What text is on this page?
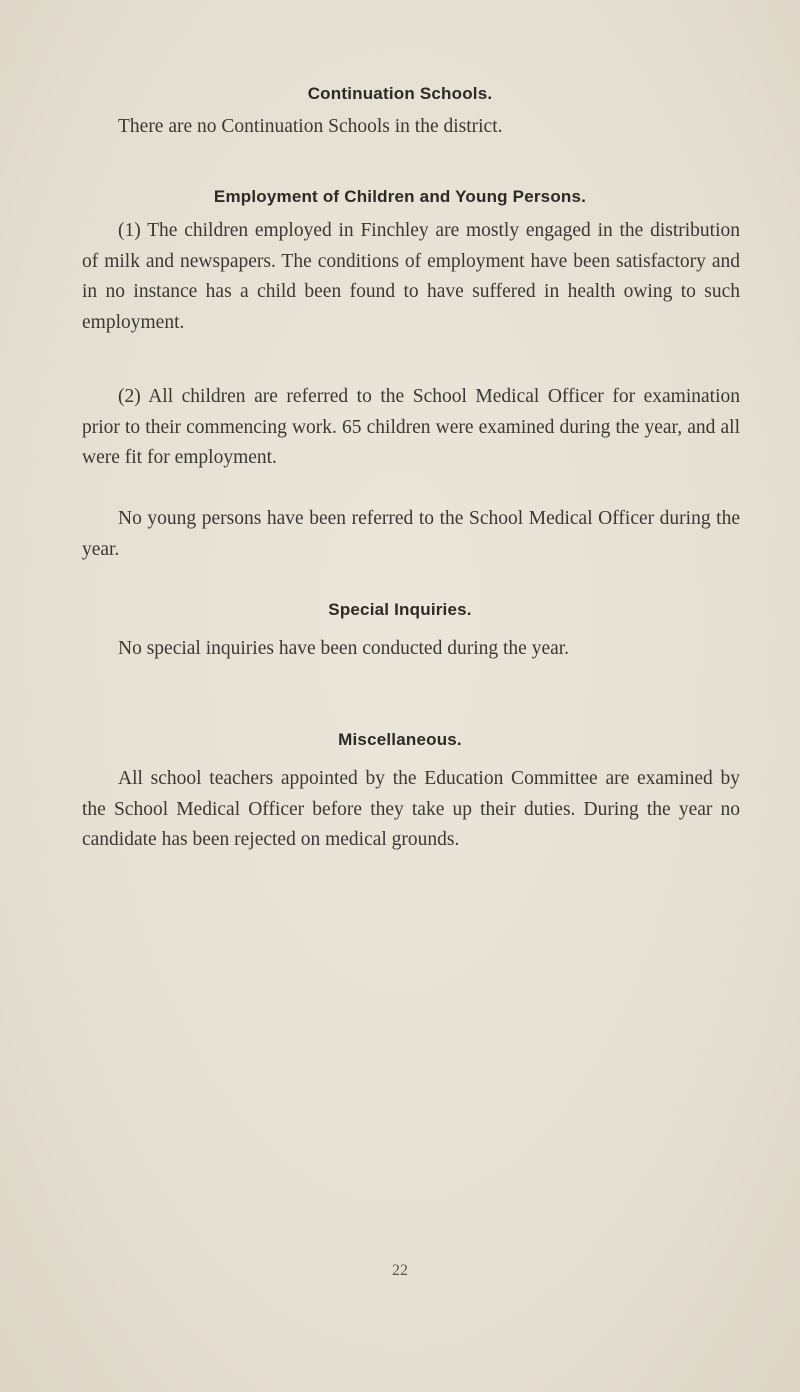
Continuation Schools.
There are no Continuation Schools in the district.
Employment of Children and Young Persons.
(1) The children employed in Finchley are mostly engaged in the distribution of milk and newspapers. The conditions of employment have been satisfactory and in no instance has a child been found to have suffered in health owing to such employment.
(2) All children are referred to the School Medical Officer for examination prior to their commencing work. 65 children were examined during the year, and all were fit for employment.
No young persons have been referred to the School Medical Officer during the year.
Special Inquiries.
No special inquiries have been conducted during the year.
Miscellaneous.
All school teachers appointed by the Education Committee are examined by the School Medical Officer before they take up their duties. During the year no candidate has been rejected on medical grounds.
22
